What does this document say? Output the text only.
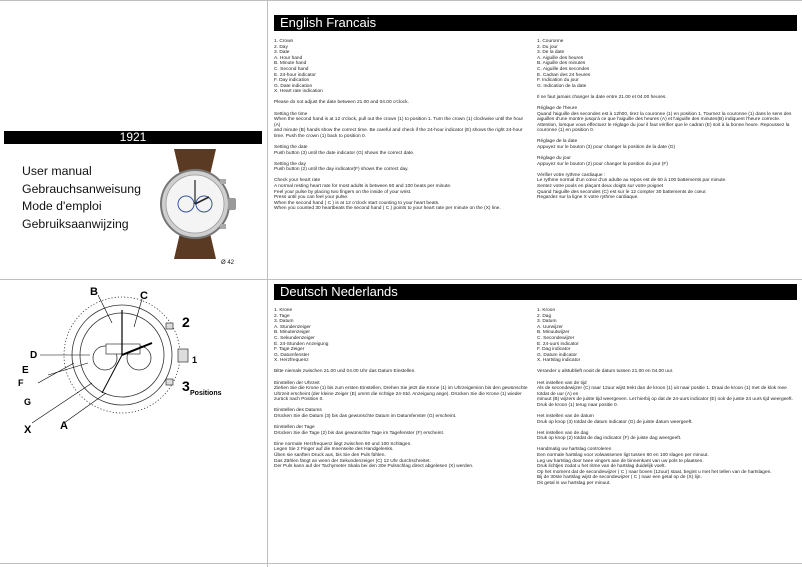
1921
User manual
Gebrauchsanweisung
Mode d'emploi
Gebruiksaanwijzing
Ø 42
B	C
D
E
F
G
A
X
2
1
3 Positions
English Francais
Deutsch Nederlands

1. Crown
2. Day
3. Date
A. Hour hand
B. Minute hand
C. Second hand
E. 24-hour indicator
F. Day indication
G. Date indication
X. Heart rate indication

Please do not adjust the date between 21.00 and 04.00 o'clock.

Setting the time
When the second hand is at 12 o'clock, pull out the crown (1) to position 1. Turn the crown (1) clockwise until the hour (A)
and minute (B) hands show the correct time. Be careful and check if the 24-hour indicator (E) shows the right 24-hour time. Push the crown (1) back to position 0.

Setting the date
Push button (3) until the date indicator (G) shows the correct date.

Setting the day
Push button (2) until the day indicator(F) shows the correct day.

Check your heart rate
A normal resting heart rate for most adults is between 60 and 100 beats per minute.
Feel your pulse by placing two fingers on the inside of your wrist.
Press until you can feel your pulse.
When the second hand ( C ) is at 12 o'clock start counting to your heart beats.
When you counted 30 heartbeats the second hand ( C ) points to your heart rate per minute on the (X) line.

1. Couronne
2. Du jour
3. De la date
A. Aiguille des heures
B. Aiguille des minutes
C. Aiguille des secondes
E. Cadran des 24 heures
F. Indication du jour
G. Indication de la date

Il ne faut jamais changer la date entre 21.00 et 04.00 heures.

Réglage de l'heure
Quand l'aiguille des secondes est à 12h00, tirez la couronne (1) en position 1. Tournez la couronne (1) dans le sens des
aiguilles d'une montre jusqu'à ce que l'aiguille des heures (A) et l'aiguille des minutes(B) indiquent l'heure correcte. Attention, lorsque vous effectuez le réglage du jour il faut vérifier que le cadran (E) soit à la bonne heure. Repoussez la couronne (1) en position 0.

Réglage de la date
Appuyez sur le bouton (3) pour changer la position de la date (G)

Réglage du jour
Appuyez sur le bouton (2) pour changer la position du jour (F)

Vérifier votre rythme cardiaque :
Le rythme normal d'un cœur d'un adulte au repos est de 60 à 100 battements par minute.
Sentez votre pouls en plaçant deux doigts sur votre poignet
Quand l'aiguille des secondes (C) est sur le 12 compter 30 battements de cœur.
Regardez sur la ligne X votre rythme cardiaque.

1. Krone
2. Tage
3. Datum
A. Stundenzeiger
B. Minutenzeiger
C. Sekundenzeiger
E. 24-Stunden Anzeigung
F. Tage Zeiger
G. Datumfenster
X. Herzfrequenz

Bitte niemals zwischen 21.00 und 04.00 Uhr das Datum Einstellen.

Einstellen der Uhrzeit
Ziehen Sie die Krone (1) bis zum ersten Einstellen, Drehen Sie jetzt die Krone (1) im Uhrzeigersinn bis den gewünschte Uhrzeit erscheint (der kleine Zeiger (E) ummt die richtige 24-Std. Anzeigung ange). Drücken Sie die Krone (1) wieder zurück nach Position 0.

Einstellen des Datums
Drücken Sie die Datum (3) bis das gewünschte Datum im Datumfenster (G) erscheint.

Einstellen der Tage
Drücken Sie die Tage (2) bis das gewünschte Tage im Tagefenster (F) erscheint.

Eine normale Herzfrequenz liegt zwischen 60 und 100 Schlägen.
Legen Sie 2 Finger auf die Innenseite des Handgelenks.
Üben sie sanften Druck aus, bis Sie den Puls fühlen.
Das Zählen fängt an wenn der Sekundenzeiger (C) 12 Uhr durchschreitet.
Der Puls kann auf der Tachymeter Skala bei den 30e Pulsschlag direct abgelesen (X) werden.

1. Kroon
2. Dag
3. Datum
A. Uurwijzer
B. Minuutwijzer
C. Secondewijzer
E. 24-uurs indicator
F. Dag indicator
G. Datum indicator
X. Hartslag indicator

Verander u alstublieft nooit de datum tussen 21.00 en 04.00 uur.

Het instellen van de tijd
Als de secondewijzer (C) naar 12uur wijst trekt dan de kroon (1) uit naar positie 1. Draai de kroon (1) met de klok mee totdat de uur (A) en
minuut (B) wijzers de juiste tijd weergeven. Let hierbij op dat de 24-uurs indicator (E) ook de juiste 24 uurs tijd weergeeft. Druk de kroon (1) terug naar positie 0.

Het instellen van de datum
Druk op knop (3) totdat de datum indicator (G) de juiste datum weergeeft.

Het instellen van de dag
Druk op knop (2) totdat de dag indicator (F) de juiste dag weergeeft.

Handmatig uw hartslag controleren
Een normale hartslag voor volwassenen ligt tussen 60 en 100 slagen per minuut.
Leg uw hartslag door twee vingers aan de binnenkant van uw pols te plaatsen.
Druk lichtjes zodat u het ritme van de hartslag duidelijk voelt.
Op het moment dat de secondewijzer ( C ) naar boven (12uur) staat, begint u met het tellen van de hartslagen.
Bij de 30ste hartslag wijst de secondewijzer ( C ) naar een getal op de (X) lijn.
Dit getal is uw hartslag per minuut.
